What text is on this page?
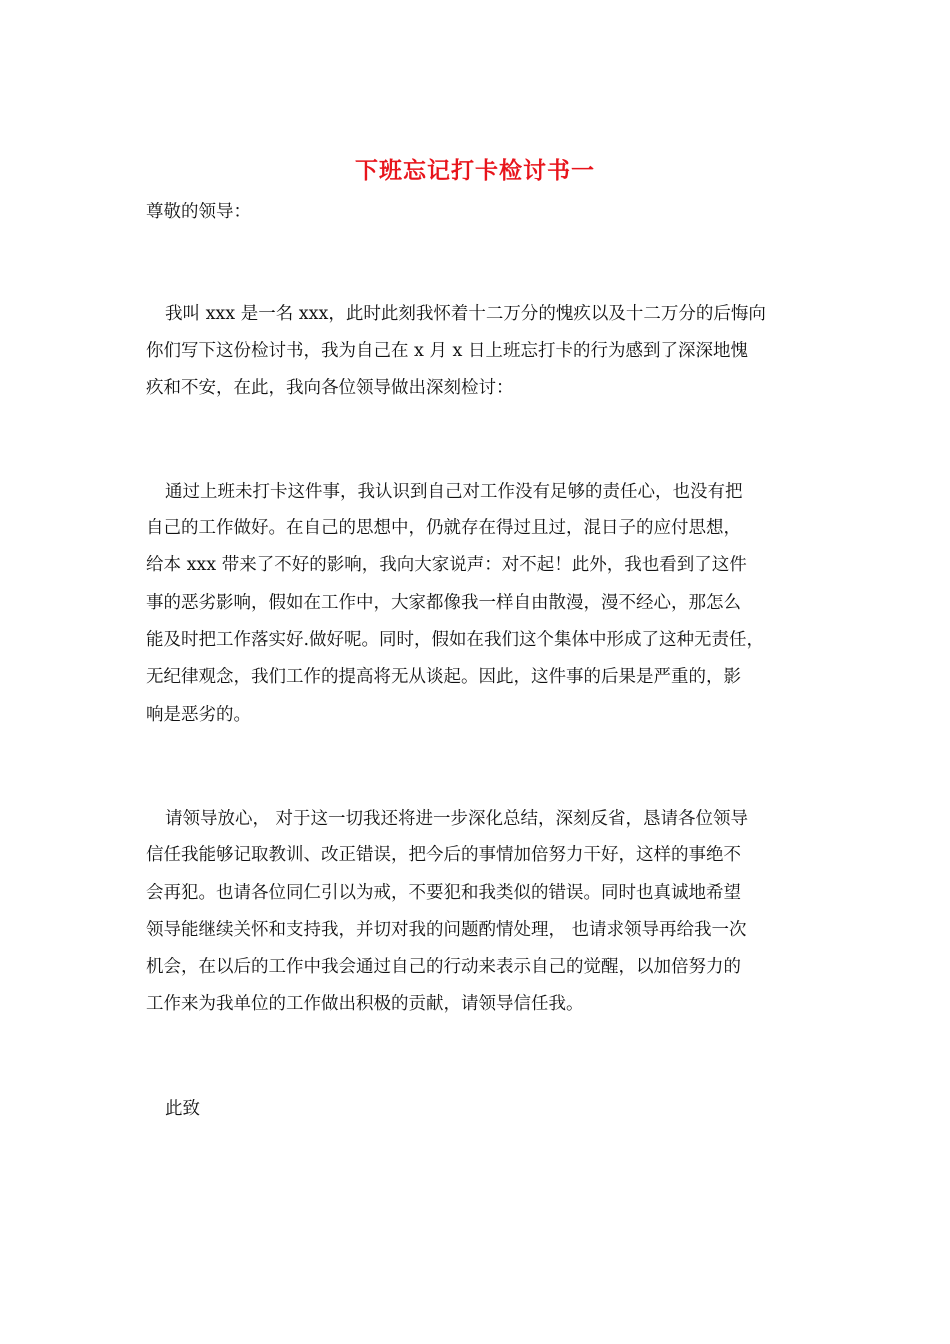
下班忘记打卡检讨书一
尊敬的领导：
我叫 xxx 是一名 xxx，此时此刻我怀着十二万分的愧疚以及十二万分的后悔向
你们写下这份检讨书，我为自己在 x 月 x 日上班忘打卡的行为感到了深深地愧
疚和不安，在此，我向各位领导做出深刻检讨：
通过上班未打卡这件事，我认识到自己对工作没有足够的责任心，也没有把
自己的工作做好。在自己的思想中，仍就存在得过且过，混日子的应付思想，
给本 xxx 带来了不好的影响，我向大家说声：对不起！此外，我也看到了这件
事的恶劣影响，假如在工作中，大家都像我一样自由散漫，漫不经心，那怎么
能及时把工作落实好.做好呢。同时，假如在我们这个集体中形成了这种无责任，
无纪律观念，我们工作的提高将无从谈起。因此，这件事的后果是严重的，影
响是恶劣的。
请领导放心， 对于这一切我还将进一步深化总结，深刻反省，恳请各位领导
信任我能够记取教训、改正错误，把今后的事情加倍努力干好，这样的事绝不
会再犯。也请各位同仁引以为戒，不要犯和我类似的错误。同时也真诚地希望
领导能继续关怀和支持我，并切对我的问题酌情处理， 也请求领导再给我一次
机会，在以后的工作中我会通过自己的行动来表示自己的觉醒，以加倍努力的
工作来为我单位的工作做出积极的贡献，请领导信任我。
此致
